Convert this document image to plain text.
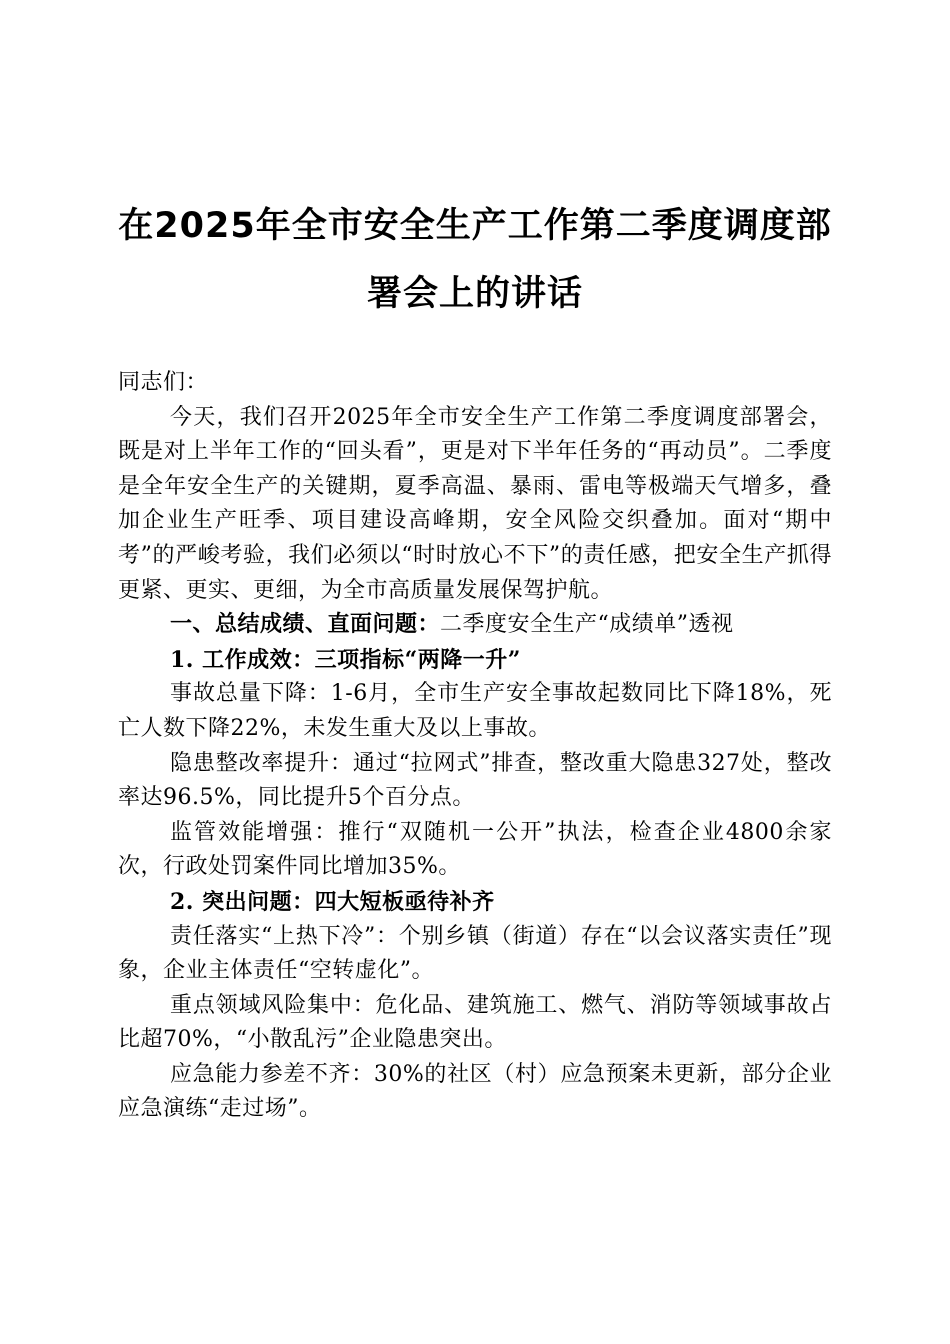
在2025年全市安全生产工作第二季度调度部
署会上的讲话

同志们：

今天，我们召开2025年全市安全生产工作第二季度调度部署会，既是对上半年工作的“回头看”，更是对下半年任务的“再动员”。二季度是全年安全生产的关键期，夏季高温、暴雨、雷电等极端天气增多，叠加企业生产旺季、项目建设高峰期，安全风险交织叠加。面对“期中考”的严峻考验，我们必须以“时时放心不下”的责任感，把安全生产抓得更紧、更实、更细，为全市高质量发展保驾护航。

一、总结成绩、直面问题：二季度安全生产“成绩单”透视

1. 工作成效：三项指标“两降一升”

事故总量下降：1-6月，全市生产安全事故起数同比下降18%，死亡人数下降22%，未发生重大及以上事故。

隐患整改率提升：通过“拉网式”排查，整改重大隐患327处，整改率达96.5%，同比提升5个百分点。

监管效能增强：推行“双随机一公开”执法，检查企业4800余家次，行政处罚案件同比增加35%。

2. 突出问题：四大短板亟待补齐

责任落实“上热下冷”：个别乡镇（街道）存在“以会议落实责任”现象，企业主体责任“空转虚化”。

重点领域风险集中：危化品、建筑施工、燃气、消防等领域事故占比超70%，“小散乱污”企业隐患突出。

应急能力参差不齐：30%的社区（村）应急预案未更新，部分企业应急演练“走过场”。
